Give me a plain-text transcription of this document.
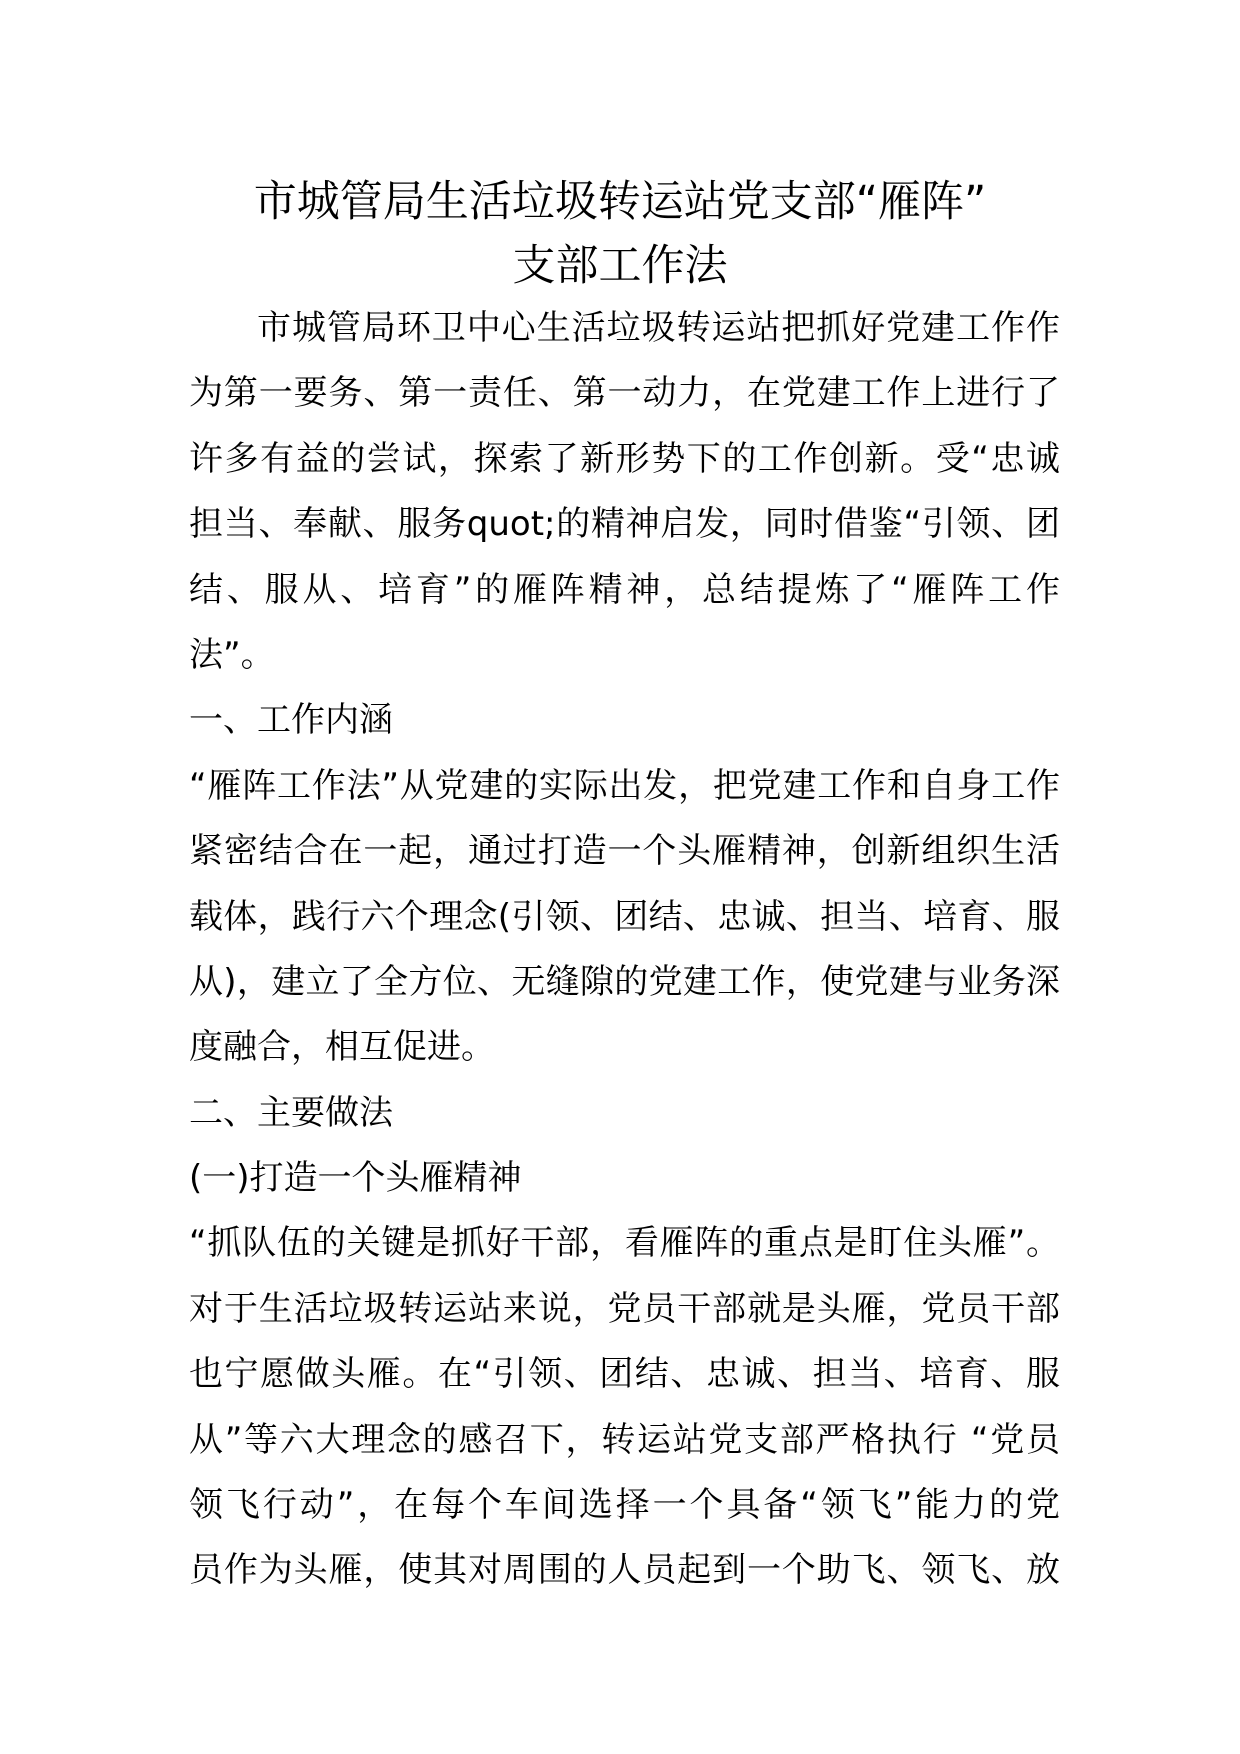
市城管局生活垃圾转运站党支部“雁阵”
支部工作法
市城管局环卫中心生活垃圾转运站把抓好党建工作作
为第一要务、第一责任、第一动力，在党建工作上进行了
许多有益的尝试，探索了新形势下的工作创新。受“忠诚
担当、奉献、服务quot;的精神启发，同时借鉴“引领、团
结、服从、培育”的雁阵精神，总结提炼了“雁阵工作
法”。
一、工作内涵
“雁阵工作法”从党建的实际出发，把党建工作和自身工作
紧密结合在一起，通过打造一个头雁精神，创新组织生活
载体，践行六个理念(引领、团结、忠诚、担当、培育、服
从)，建立了全方位、无缝隙的党建工作，使党建与业务深
度融合，相互促进。
二、主要做法
(一)打造一个头雁精神
“抓队伍的关键是抓好干部，看雁阵的重点是盯住头雁”。
对于生活垃圾转运站来说，党员干部就是头雁，党员干部
也宁愿做头雁。在“引领、团结、忠诚、担当、培育、服
从”等六大理念的感召下，转运站党支部严格执行 “党员
领飞行动”，在每个车间选择一个具备“领飞”能力的党
员作为头雁，使其对周围的人员起到一个助飞、领飞、放
